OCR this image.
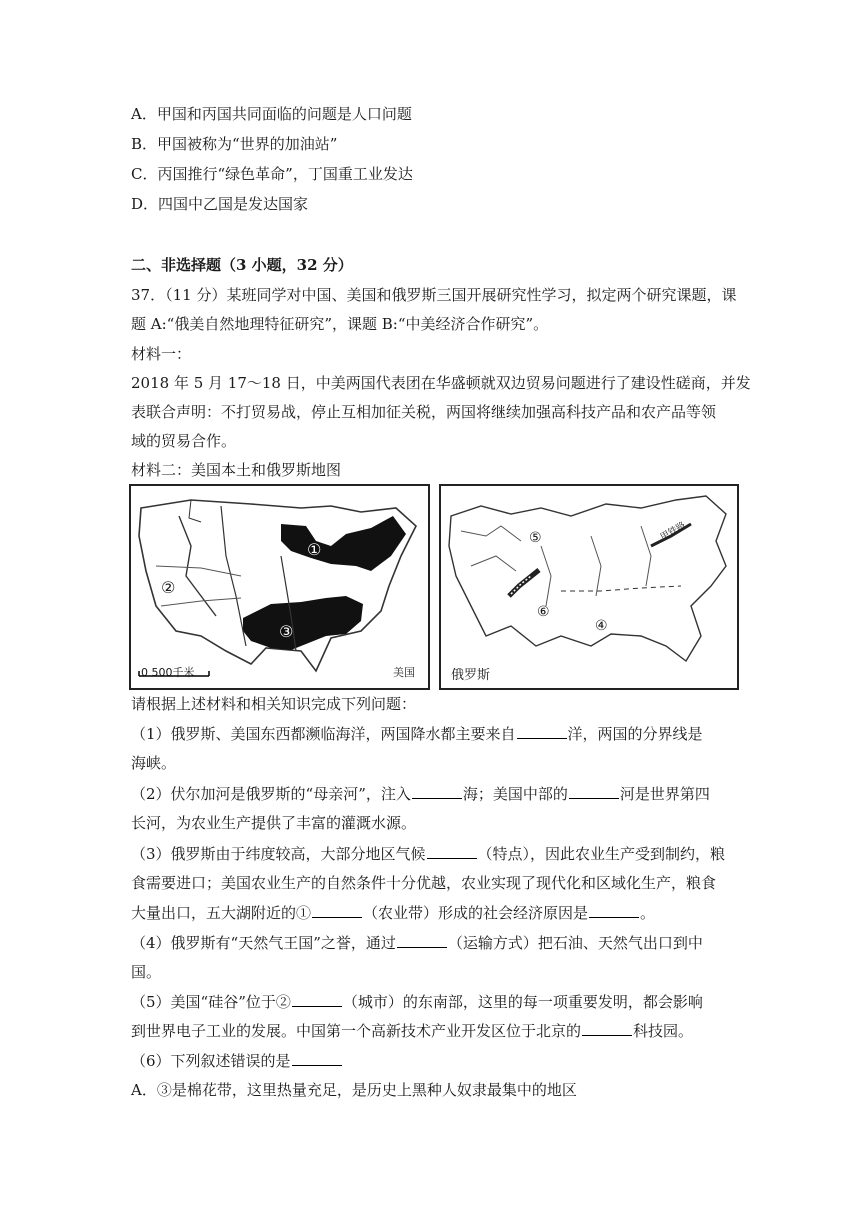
A．甲国和丙国共同面临的问题是人口问题
B．甲国被称为“世界的加油站”
C．丙国推行“绿色革命”，丁国重工业发达
D．四国中乙国是发达国家
二、非选择题（3 小题，32 分）
37．（11 分）某班同学对中国、美国和俄罗斯三国开展研究性学习，拟定两个研究课题，课
题 A:“俄美自然地理特征研究”，课题 B:“中美经济合作研究”。
材料一：
2018 年 5 月 17～18 日，中美两国代表团在华盛顿就双边贸易问题进行了建设性磋商，并发
表联合声明：不打贸易战，停止互相加征关税，两国将继续加强高科技产品和农产品等领
域的贸易合作。
材料二：美国本土和俄罗斯地图
①
②
③
0 500千米	美国
⑤
⑥
④
甲铁路
俄罗斯
请根据上述材料和相关知识完成下列问题：
（1）俄罗斯、美国东西都濒临海洋，两国降水都主要来自	洋，两国的分界线是
海峡。
（2）伏尔加河是俄罗斯的“母亲河”，注入	海；美国中部的	河是世界第四
长河，为农业生产提供了丰富的灌溉水源。
（3）俄罗斯由于纬度较高，大部分地区气候	（特点），因此农业生产受到制约，粮
食需要进口；美国农业生产的自然条件十分优越，农业实现了现代化和区域化生产，粮食
大量出口，五大湖附近的①	（农业带）形成的社会经济原因是	。
（4）俄罗斯有“天然气王国”之誉，通过	（运输方式）把石油、天然气出口到中
国。
（5）美国“硅谷”位于②	（城市）的东南部，这里的每一项重要发明，都会影响
到世界电子工业的发展。中国第一个高新技术产业开发区位于北京的	科技园。
（6）下列叙述错误的是
A．③是棉花带，这里热量充足，是历史上黑种人奴隶最集中的地区
